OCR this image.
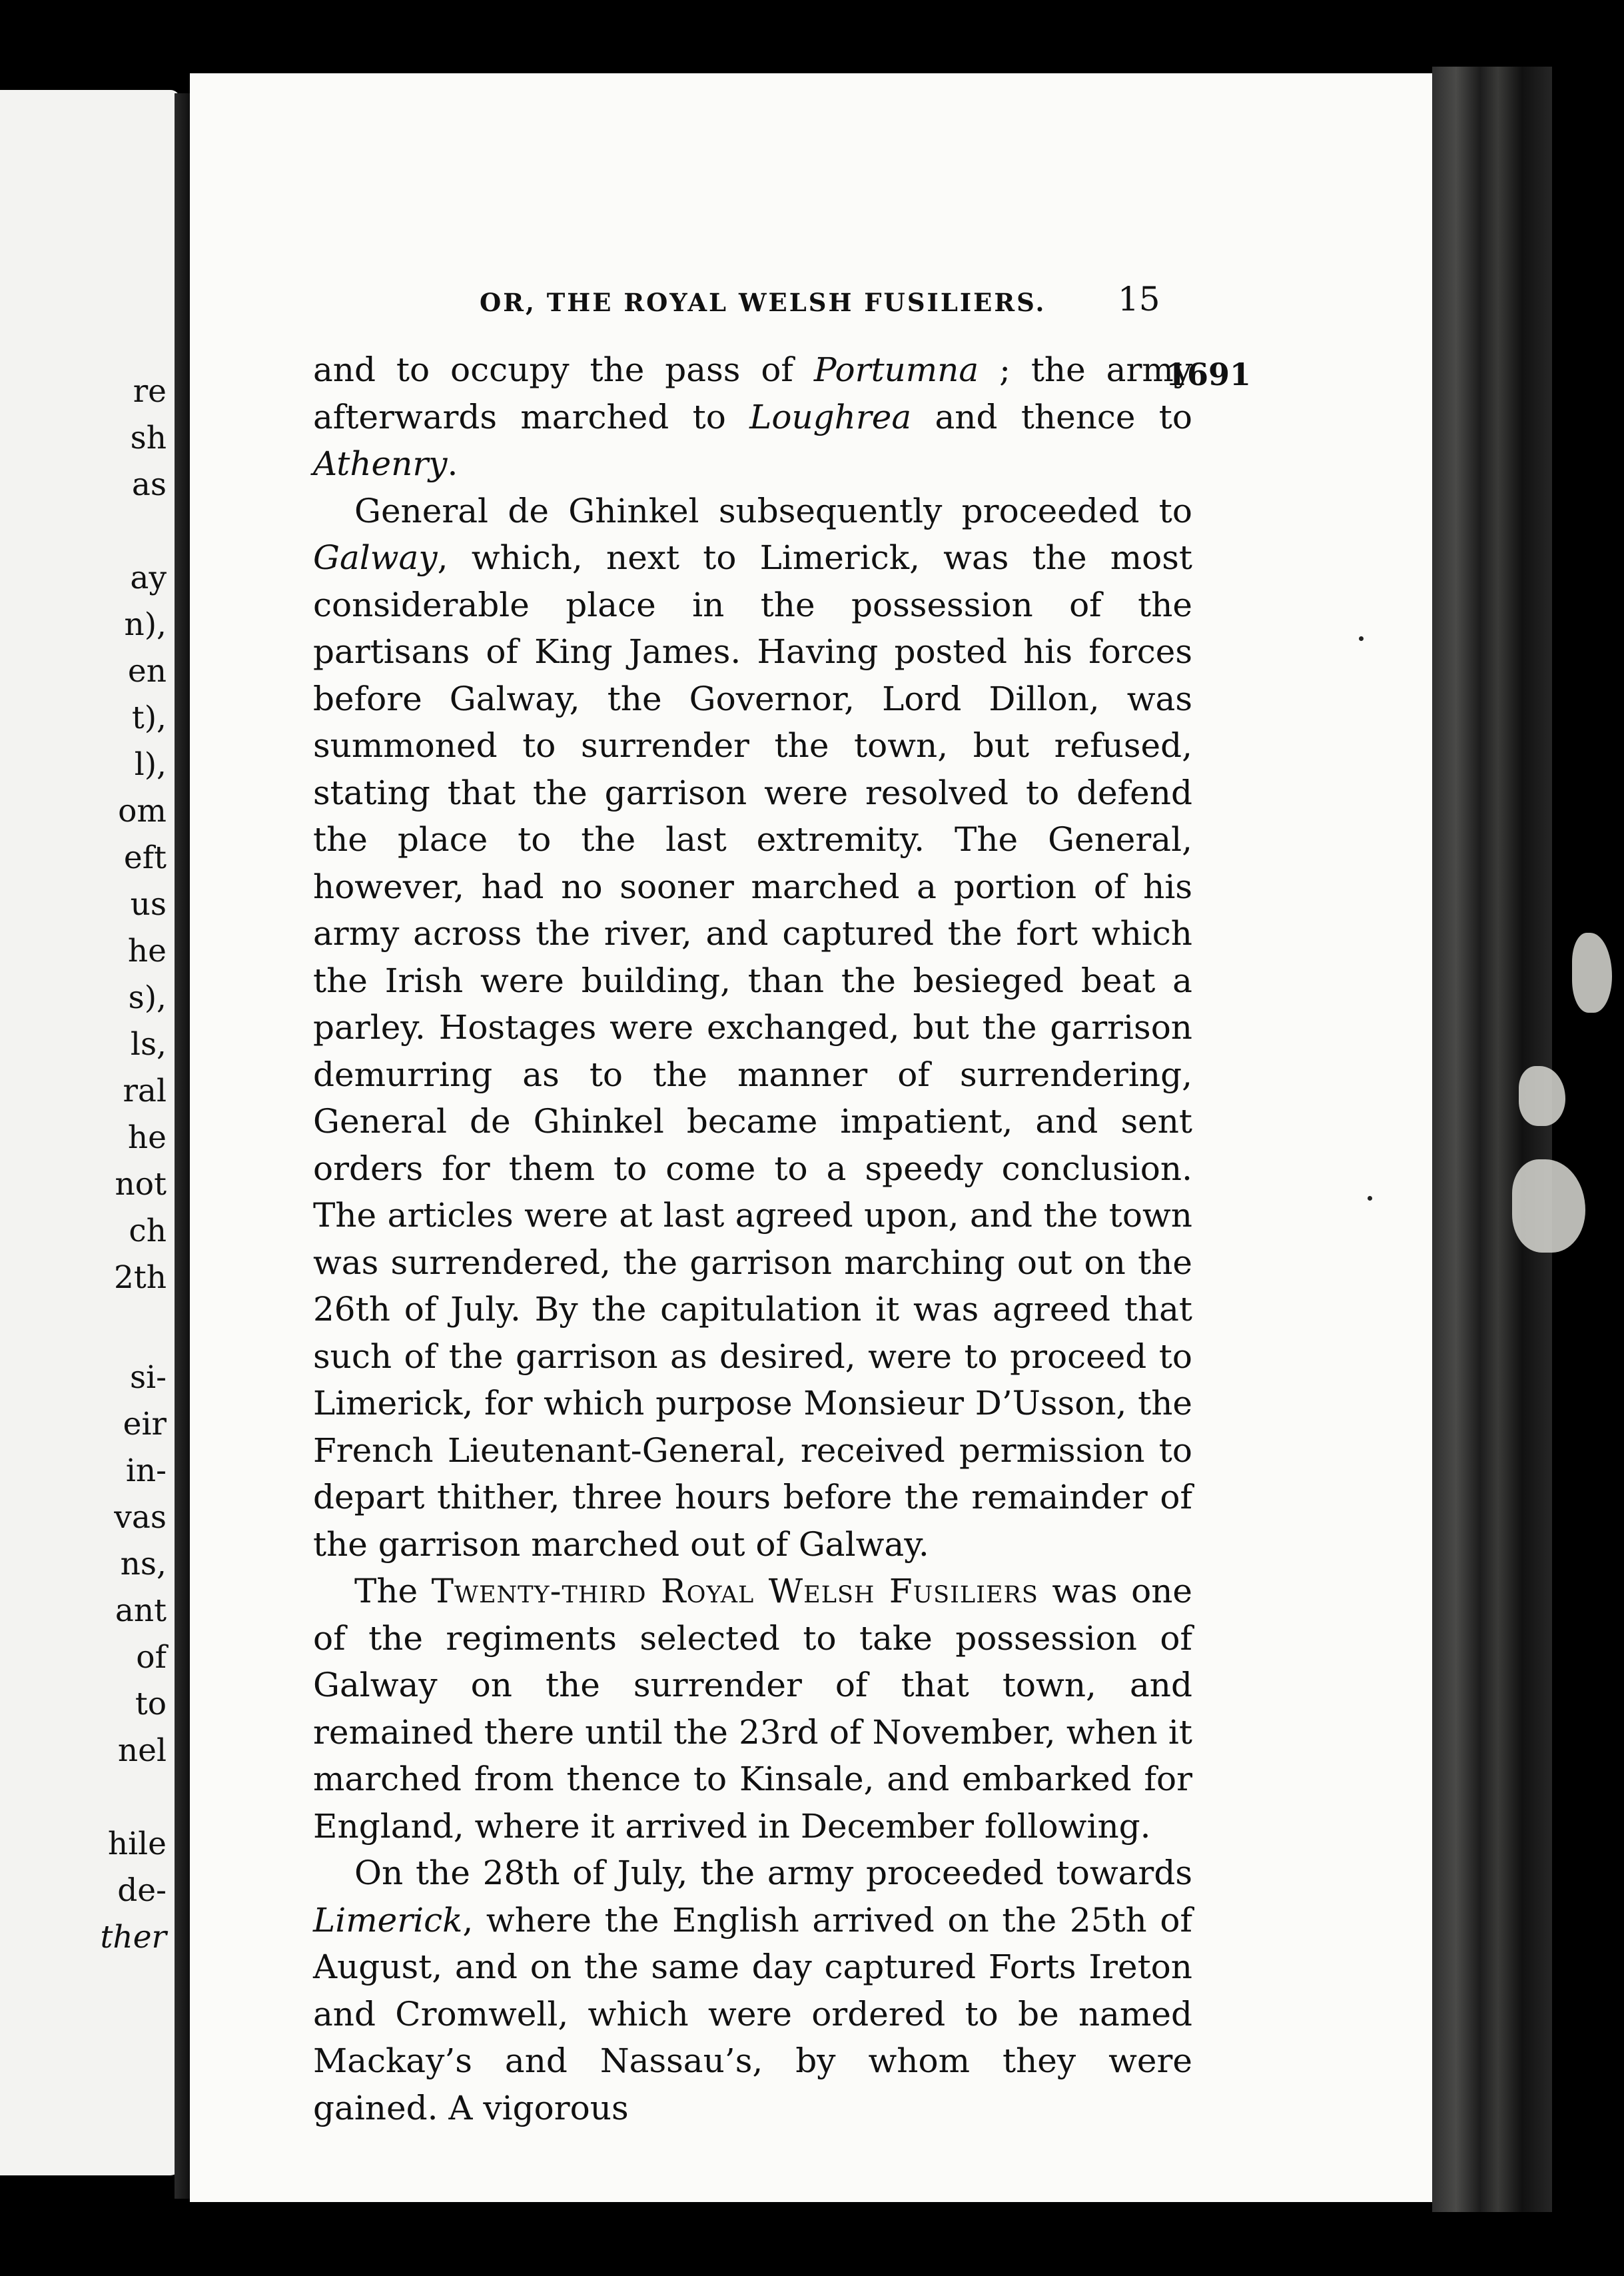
re
sh
as
ay
n),
en
t),
l),
om
eft
us
he
s),
ls,
ral
he
not
ch
2th
si-
eir
in-
vas
ns,
ant
of
to
nel
hile
de-
ther
OR, THE ROYAL WELSH FUSILIERS. 15
1691

and to occupy the pass of Portumna ; the army afterwards marched to Loughrea and thence to Athenry.

General de Ghinkel subsequently proceeded to Galway, which, next to Limerick, was the most considerable place in the possession of the partisans of King James. Having posted his forces before Galway, the Governor, Lord Dillon, was summoned to surrender the town, but refused, stating that the garrison were resolved to defend the place to the last extremity. The General, however, had no sooner marched a portion of his army across the river, and captured the fort which the Irish were building, than the besieged beat a parley. Hostages were exchanged, but the garrison demurring as to the manner of surrendering, General de Ghinkel became impatient, and sent orders for them to come to a speedy conclusion. The articles were at last agreed upon, and the town was surrendered, the garrison marching out on the 26th of July. By the capitulation it was agreed that such of the garrison as desired, were to proceed to Limerick, for which purpose Monsieur D’Usson, the French Lieutenant-General, received permission to depart thither, three hours before the remainder of the garrison marched out of Galway.

The Twenty-third Royal Welsh Fusiliers was one of the regiments selected to take possession of Galway on the surrender of that town, and remained there until the 23rd of November, when it marched from thence to Kinsale, and embarked for England, where it arrived in December following.

On the 28th of July, the army proceeded towards Limerick, where the English arrived on the 25th of August, and on the same day captured Forts Ireton and Cromwell, which were ordered to be named Mackay’s and Nassau’s, by whom they were gained. A vigorous
